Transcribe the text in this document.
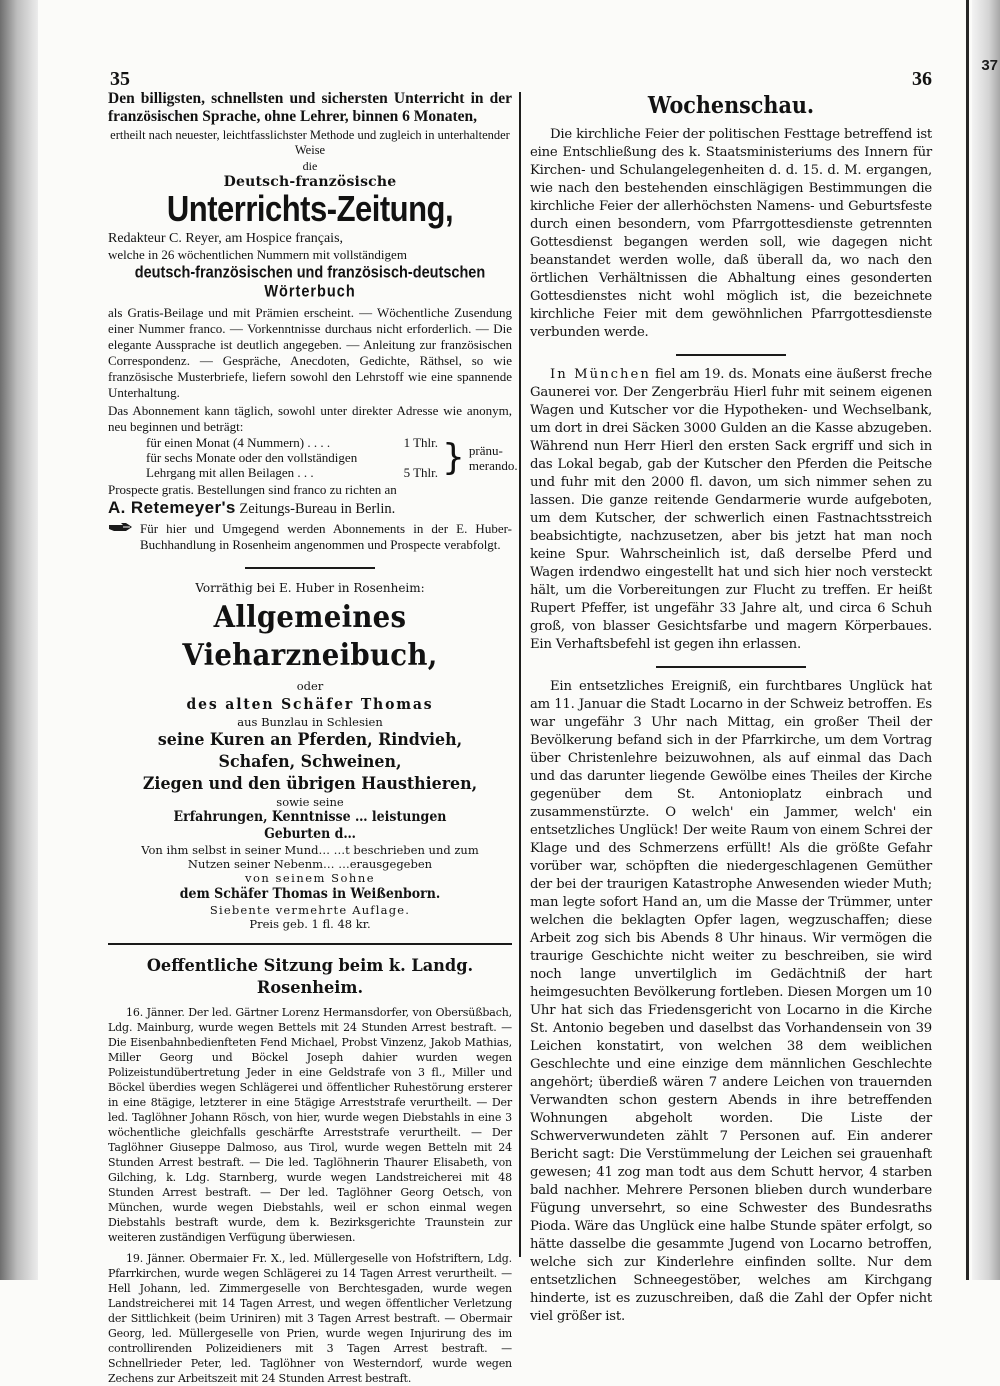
37
35	36

Den billigsten, schnellsten und sichersten Unterricht in der französischen Sprache, ohne Lehrer, binnen 6 Monaten,

ertheilt nach neuester, leichtfasslichster Methode und zugleich in unterhaltender Weise

die

Deutsch-französische

Unterrichts-Zeitung,

Redakteur C. Reyer, am Hospice français,

welche in 26 wöchentlichen Nummern mit vollständigem

deutsch-französischen und französisch-deutschen

Wörterbuch

als Gratis-Beilage und mit Prämien erscheint. — Wöchentliche Zusendung einer Nummer franco. — Vorkenntnisse durchaus nicht erforderlich. — Die elegante Aussprache ist deutlich angegeben. — Anleitung zur französischen Correspondenz. — Gespräche, Anecdoten, Gedichte, Räthsel, so wie französische Musterbriefe, liefern sowohl den Lehrstoff wie eine spannende Unterhaltung.

Das Abonnement kann täglich, sowohl unter direkter Adresse wie anonym, neu beginnen und beträgt:

für einen Monat (4 Nummern) . . . .	1 Thlr.
für sechs Monate oder den vollständigen
Lehrgang mit allen Beilagen . . .	5 Thlr. } pränu-
merando.

Prospecte gratis. Bestellungen sind franco zu richten an

A. Retemeyer's Zeitungs-Bureau in Berlin.

Für hier und Umgegend werden Abonnements in der E. Huber-Buchhandlung in Rosenheim angenommen und Prospecte verabfolgt.

Vorräthig bei E. Huber in Rosenheim:

Allgemeines Vieharzneibuch,

oder

des alten Schäfer Thomas

aus Bunzlau in Schlesien

seine Kuren an Pferden, Rindvieh, Schafen, Schweinen,

Ziegen und den übrigen Hausthieren,

sowie seine

Erfahrungen, Kenntnisse … leistungen

Geburten d…

Von ihm selbst in seiner Mund… …t beschrieben und zum

Nutzen seiner Nebenm… …erausgegeben

von seinem Sohne

dem Schäfer Thomas in Weißenborn.

Siebente vermehrte Auflage.

Preis geb. 1 fl. 48 kr.

Oeffentliche Sitzung beim k. Landg. Rosenheim.

16. Jänner. Der led. Gärtner Lorenz Hermansdorfer, von Obersüßbach, Ldg. Mainburg, wurde wegen Bettels mit 24 Stunden Arrest bestraft. — Die Eisenbahnbedienfteten Fend Michael, Probst Vinzenz, Jakob Mathias, Miller Georg und Böckel Joseph dahier wurden wegen Polizeistundübertretung Jeder in eine Geldstrafe von 3 fl., Miller und Böckel überdies wegen Schlägerei und öffentlicher Ruhestörung ersterer in eine 8tägige, letzterer in eine 5tägige Arreststrafe verurtheilt. — Der led. Taglöhner Johann Rösch, von hier, wurde wegen Diebstahls in eine 3 wöchentliche gleichfalls geschärfte Arreststrafe verurtheilt. — Der Taglöhner Giuseppe Dalmoso, aus Tirol, wurde wegen Betteln mit 24 Stunden Arrest bestraft. — Die led. Taglöhnerin Thaurer Elisabeth, von Gilching, k. Ldg. Starnberg, wurde wegen Landstreicherei mit 48 Stunden Arrest bestraft. — Der led. Taglöhner Georg Oetsch, von München, wurde wegen Diebstahls, weil er schon einmal wegen Diebstahls bestraft wurde, dem k. Bezirksgerichte Traunstein zur weiteren zuständigen Verfügung überwiesen.

19. Jänner. Obermaier Fr. X., led. Müllergeselle von Hofstriftern, Ldg. Pfarrkirchen, wurde wegen Schlägerei zu 14 Tagen Arrest verurtheilt. — Hell Johann, led. Zimmergeselle von Berchtesgaden, wurde wegen Landstreicherei mit 14 Tagen Arrest, und wegen öffentlicher Verletzung der Sittlichkeit (beim Uriniren) mit 3 Tagen Arrest bestraft. — Obermair Georg, led. Müllergeselle von Prien, wurde wegen Injurirung des im controllirenden Polizeidieners mit 3 Tagen Arrest bestraft. — Schnellrieder Peter, led. Taglöhner von Westerndorf, wurde wegen Zechens zur Arbeitszeit mit 24 Stunden Arrest bestraft.

Wochenschau.

Die kirchliche Feier der politischen Festtage betreffend ist eine Entschließung des k. Staatsministeriums des Innern für Kirchen- und Schulangelegenheiten d. d. 15. d. M. ergangen, wie nach den bestehenden einschlägigen Bestimmungen die kirchliche Feier der allerhöchsten Namens- und Geburtsfeste durch einen besondern, vom Pfarrgottesdienste getrennten Gottesdienst begangen werden soll, wie dagegen nicht beanstandet werden wolle, daß überall da, wo nach den örtlichen Verhältnissen die Abhaltung eines gesonderten Gottesdienstes nicht wohl möglich ist, die bezeichnete kirchliche Feier mit dem gewöhnlichen Pfarrgottesdienste verbunden werde.

In München fiel am 19. ds. Monats eine äußerst freche Gaunerei vor. Der Zengerbräu Hierl fuhr mit seinem eigenen Wagen und Kutscher vor die Hypotheken- und Wechselbank, um dort in drei Säcken 3000 Gulden an die Kasse abzugeben. Während nun Herr Hierl den ersten Sack ergriff und sich in das Lokal begab, gab der Kutscher den Pferden die Peitsche und fuhr mit den 2000 fl. davon, um sich nimmer sehen zu lassen. Die ganze reitende Gendarmerie wurde aufgeboten, um dem Kutscher, der schwerlich einen Fastnachtsstreich beabsichtigte, nachzusetzen, aber bis jetzt hat man noch keine Spur. Wahrscheinlich ist, daß derselbe Pferd und Wagen irdendwo eingestellt hat und sich hier noch versteckt hält, um die Vorbereitungen zur Flucht zu treffen. Er heißt Rupert Pfeffer, ist ungefähr 33 Jahre alt, und circa 6 Schuh groß, von blasser Gesichtsfarbe und magern Körperbaues. Ein Verhaftsbefehl ist gegen ihn erlassen.

Ein entsetzliches Ereigniß, ein furchtbares Unglück hat am 11. Januar die Stadt Locarno in der Schweiz betroffen. Es war ungefähr 3 Uhr nach Mittag, ein großer Theil der Bevölkerung befand sich in der Pfarrkirche, um dem Vortrag über Christenlehre beizuwohnen, als auf einmal das Dach und das darunter liegende Gewölbe eines Theiles der Kirche gegenüber dem St. Antonioplatz einbrach und zusammenstürzte. O welch' ein Jammer, welch' ein entsetzliches Unglück! Der weite Raum von einem Schrei der Klage und des Schmerzens erfüllt! Als die größte Gefahr vorüber war, schöpften die niedergeschlagenen Gemüther der bei der traurigen Katastrophe Anwesenden wieder Muth; man legte sofort Hand an, um die Masse der Trümmer, unter welchen die beklagten Opfer lagen, wegzuschaffen; diese Arbeit zog sich bis Abends 8 Uhr hinaus. Wir vermögen die traurige Geschichte nicht weiter zu beschreiben, sie wird noch lange unvertilglich im Gedächtniß der hart heimgesuchten Bevölkerung fortleben. Diesen Morgen um 10 Uhr hat sich das Friedensgericht von Locarno in die Kirche St. Antonio begeben und daselbst das Vorhandensein von 39 Leichen konstatirt, von welchen 38 dem weiblichen Geschlechte und eine einzige dem männlichen Geschlechte angehört; überdieß wären 7 andere Leichen von trauernden Verwandten schon gestern Abends in ihre betreffenden Wohnungen abgeholt worden. Die Liste der Schwerverwundeten zählt 7 Personen auf. Ein anderer Bericht sagt: Die Verstümmelung der Leichen sei grauenhaft gewesen; 41 zog man todt aus dem Schutt hervor, 4 starben bald nachher. Mehrere Personen blieben durch wunderbare Fügung unversehrt, so eine Schwester des Bundesraths Pioda. Wäre das Unglück eine halbe Stunde später erfolgt, so hätte dasselbe die gesammte Jugend von Locarno betroffen, welche sich zur Kinderlehre einfinden sollte. Nur dem entsetzlichen Schneegestöber, welches am Kirchgang hinderte, ist es zuzuschreiben, daß die Zahl der Opfer nicht viel größer ist.
